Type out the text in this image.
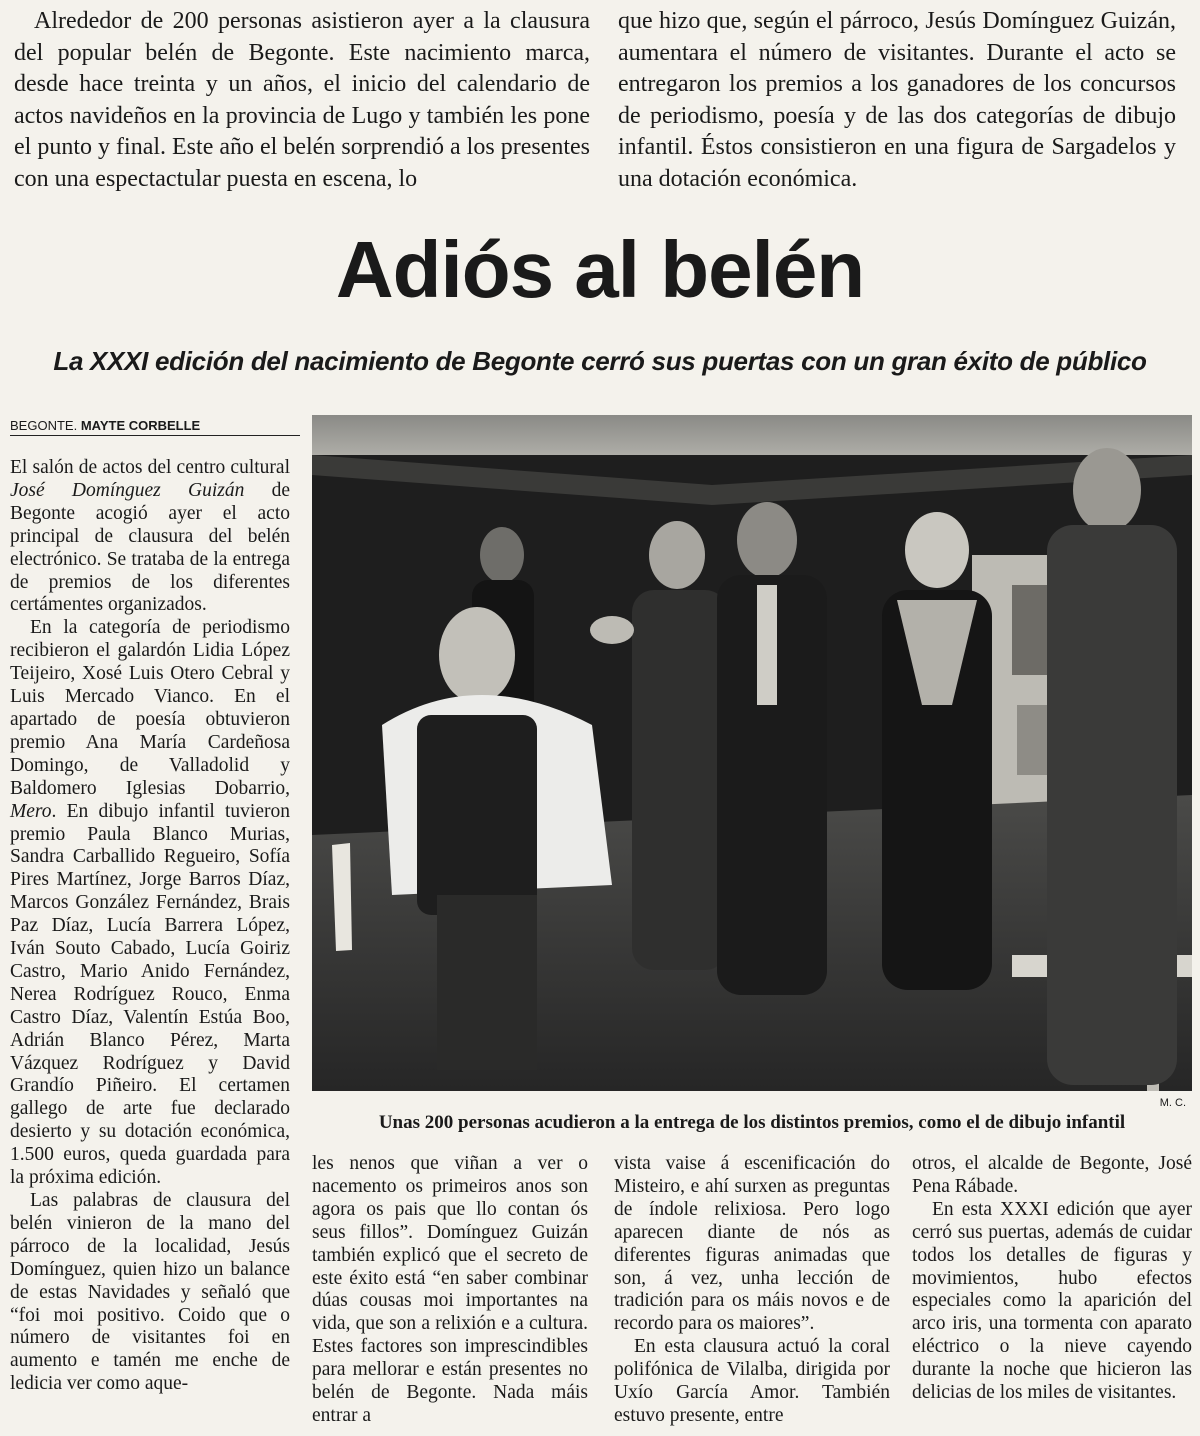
Alrededor de 200 personas asistieron ayer a la clausura del popular belén de Begonte. Este nacimiento marca, desde hace treinta y un años, el inicio del calendario de actos navideños en la provincia de Lugo y también les pone el punto y final. Este año el belén sorprendió a los presentes con una espectactular puesta en escena, lo

que hizo que, según el párroco, Jesús Domínguez Guizán, aumentara el número de visitantes. Durante el acto se entregaron los premios a los ganadores de los concursos de periodismo, poesía y de las dos categorías de dibujo infantil. Éstos consistieron en una figura de Sargadelos y una dotación económica.

Adiós al belén
La XXXI edición del nacimiento de Begonte cerró sus puertas con un gran éxito de público
BEGONTE. MAYTE CORBELLE
M. C.

Unas 200 personas acudieron a la entrega de los distintos premios, como el de dibujo infantil

El salón de actos del centro cultural José Domínguez Guizán de Begonte acogió ayer el acto principal de clausura del belén electrónico. Se trataba de la entrega de premios de los diferentes certámentes organizados.

En la categoría de periodismo recibieron el galardón Lidia López Teijeiro, Xosé Luis Otero Cebral y Luis Mercado Vianco. En el apartado de poesía obtuvieron premio Ana María Cardeñosa Domingo, de Valladolid y Baldomero Iglesias Dobarrio, Mero. En dibujo infantil tuvieron premio Paula Blanco Murias, Sandra Carballido Regueiro, Sofía Pires Martínez, Jorge Barros Díaz, Marcos González Fernández, Brais Paz Díaz, Lucía Barrera López, Iván Souto Cabado, Lucía Goiriz Castro, Mario Anido Fernández, Nerea Rodríguez Rouco, Enma Castro Díaz, Valentín Estúa Boo, Adrián Blanco Pérez, Marta Vázquez Rodríguez y David Grandío Piñeiro. El certamen gallego de arte fue declarado desierto y su dotación económica, 1.500 euros, queda guardada para la próxima edición.

Las palabras de clausura del belén vinieron de la mano del párroco de la localidad, Jesús Domínguez, quien hizo un balance de estas Navidades y señaló que “foi moi positivo. Coido que o número de visitantes foi en aumento e tamén me enche de ledicia ver como aque-

les nenos que viñan a ver o nacemento os primeiros anos son agora os pais que llo contan ós seus fillos”. Domínguez Guizán también explicó que el secreto de este éxito está “en saber combinar dúas cousas moi importantes na vida, que son a relixión e a cultura. Estes factores son imprescindibles para mellorar e están presentes no belén de Begonte. Nada máis entrar a

vista vaise á escenificación do Misteiro, e ahí surxen as preguntas de índole relixiosa. Pero logo aparecen diante de nós as diferentes figuras animadas que son, á vez, unha lección de tradición para os máis novos e de recordo para os maiores”.

En esta clausura actuó la coral polifónica de Vilalba, dirigida por Uxío García Amor. También estuvo presente, entre

otros, el alcalde de Begonte, José Pena Rábade.

En esta XXXI edición que ayer cerró sus puertas, además de cuidar todos los detalles de figuras y movimientos, hubo efectos especiales como la aparición del arco iris, una tormenta con aparato eléctrico o la nieve cayendo durante la noche que hicieron las delicias de los miles de visitantes.
